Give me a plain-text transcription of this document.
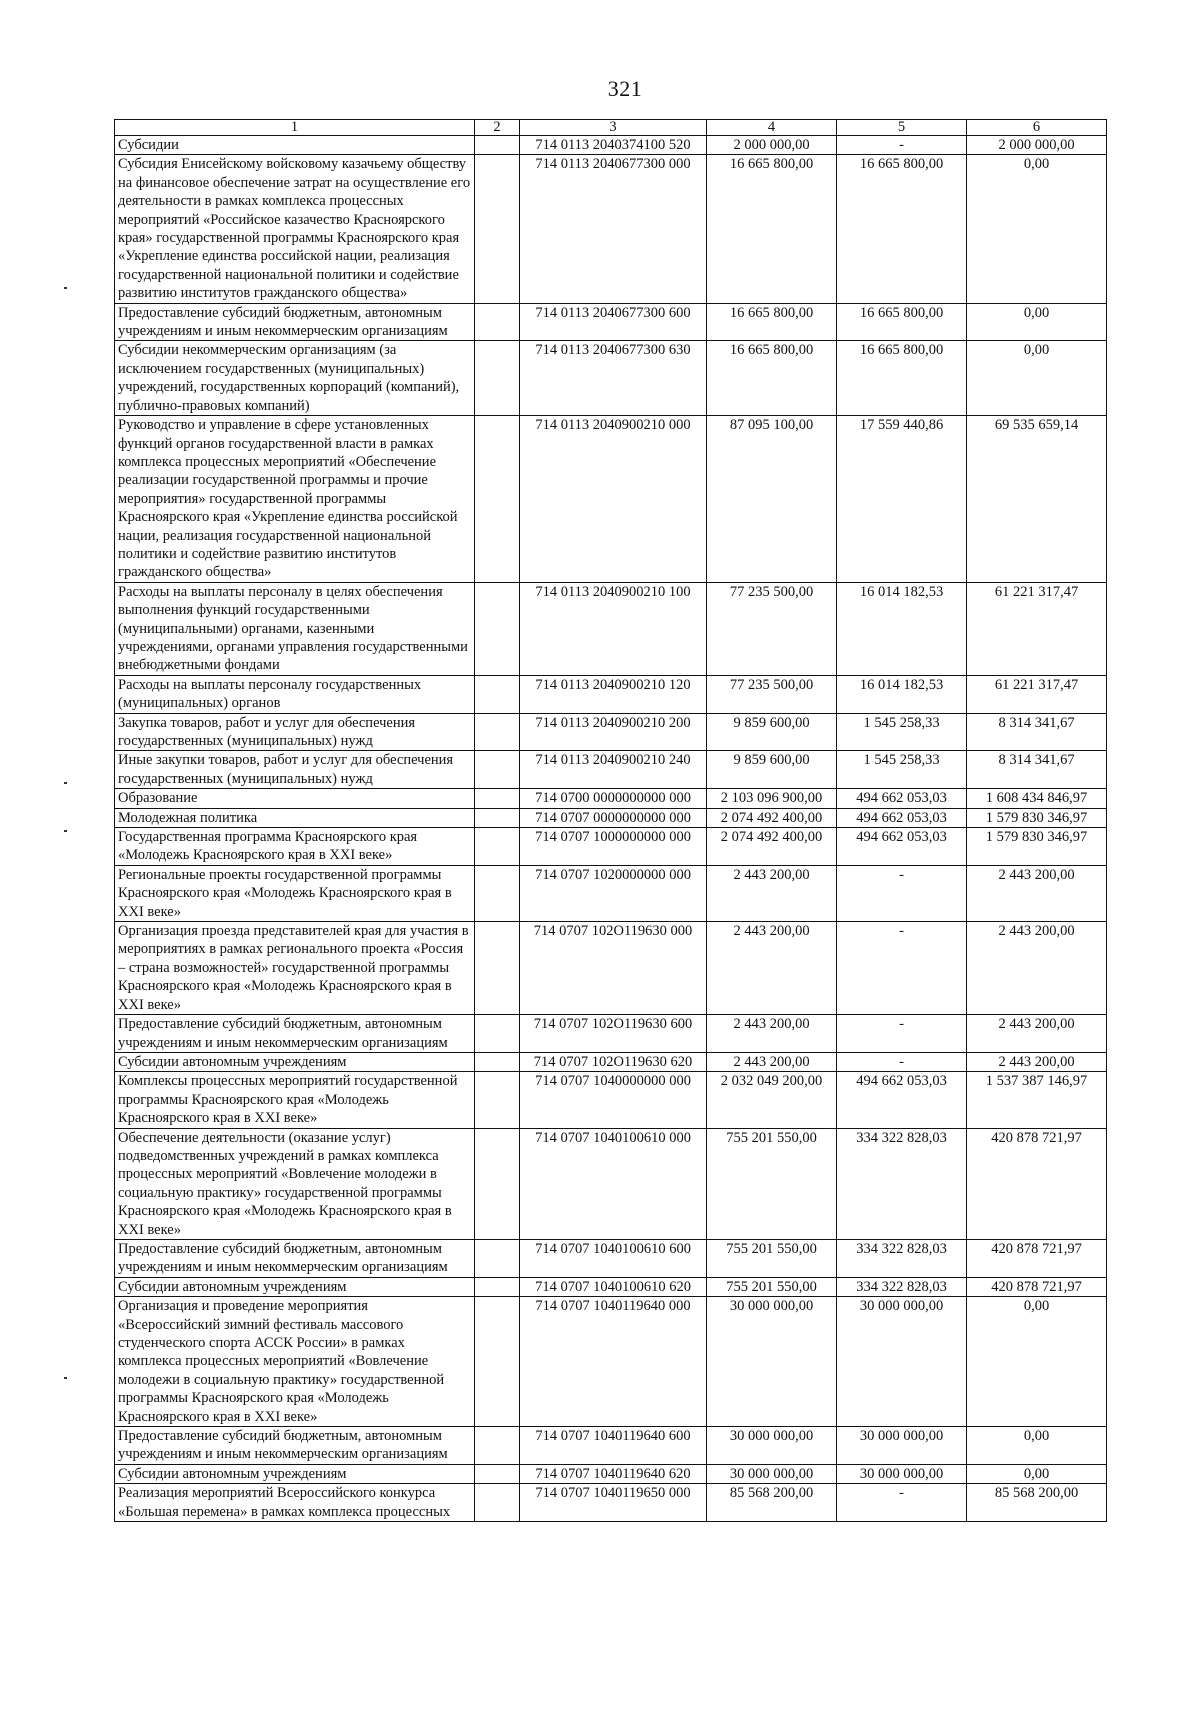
321
1	2	3	4	5	6
Субсидии		714 0113 2040374100 520	2 000 000,00	-	2 000 000,00
Субсидия Енисейскому войсковому казачьему обществу на финансовое обеспечение затрат на осуществление его деятельности в рамках комплекса процессных мероприятий «Российское казачество Красноярского края» государственной программы Красноярского края «Укрепление единства российской нации, реализация государственной национальной политики и содействие развитию институтов гражданского общества»		714 0113 2040677300 000	16 665 800,00	16 665 800,00	0,00
Предоставление субсидий бюджетным, автономным учреждениям и иным некоммерческим организациям		714 0113 2040677300 600	16 665 800,00	16 665 800,00	0,00
Субсидии некоммерческим организациям (за исключением государственных (муниципальных) учреждений, государственных корпораций (компаний), публично-правовых компаний)		714 0113 2040677300 630	16 665 800,00	16 665 800,00	0,00
Руководство и управление в сфере установленных функций органов государственной власти в рамках комплекса процессных мероприятий «Обеспечение реализации государственной программы и прочие мероприятия» государственной программы Красноярского края «Укрепление единства российской нации, реализация государственной национальной политики и содействие развитию институтов гражданского общества»		714 0113 2040900210 000	87 095 100,00	17 559 440,86	69 535 659,14
Расходы на выплаты персоналу в целях обеспечения выполнения функций государственными (муниципальными) органами, казенными учреждениями, органами управления государственными внебюджетными фондами		714 0113 2040900210 100	77 235 500,00	16 014 182,53	61 221 317,47
Расходы на выплаты персоналу государственных (муниципальных) органов		714 0113 2040900210 120	77 235 500,00	16 014 182,53	61 221 317,47
Закупка товаров, работ и услуг для обеспечения государственных (муниципальных) нужд		714 0113 2040900210 200	9 859 600,00	1 545 258,33	8 314 341,67
Иные закупки товаров, работ и услуг для обеспечения государственных (муниципальных) нужд		714 0113 2040900210 240	9 859 600,00	1 545 258,33	8 314 341,67
Образование		714 0700 0000000000 000	2 103 096 900,00	494 662 053,03	1 608 434 846,97
Молодежная политика		714 0707 0000000000 000	2 074 492 400,00	494 662 053,03	1 579 830 346,97
Государственная программа Красноярского края «Молодежь Красноярского края в XXI веке»		714 0707 1000000000 000	2 074 492 400,00	494 662 053,03	1 579 830 346,97
Региональные проекты государственной программы Красноярского края «Молодежь Красноярского края в XXI веке»		714 0707 1020000000 000	2 443 200,00	-	2 443 200,00
Организация проезда представителей края для участия в мероприятиях в рамках регионального проекта «Россия – страна возможностей» государственной программы Красноярского края «Молодежь Красноярского края в XXI веке»		714 0707 102О119630 000	2 443 200,00	-	2 443 200,00
Предоставление субсидий бюджетным, автономным учреждениям и иным некоммерческим организациям		714 0707 102О119630 600	2 443 200,00	-	2 443 200,00
Субсидии автономным учреждениям		714 0707 102О119630 620	2 443 200,00	-	2 443 200,00
Комплексы процессных мероприятий государственной программы Красноярского края «Молодежь Красноярского края в XXI веке»		714 0707 1040000000 000	2 032 049 200,00	494 662 053,03	1 537 387 146,97
Обеспечение деятельности (оказание услуг) подведомственных учреждений в рамках комплекса процессных мероприятий «Вовлечение молодежи в социальную практику» государственной программы Красноярского края «Молодежь Красноярского края в XXI веке»		714 0707 1040100610 000	755 201 550,00	334 322 828,03	420 878 721,97
Предоставление субсидий бюджетным, автономным учреждениям и иным некоммерческим организациям		714 0707 1040100610 600	755 201 550,00	334 322 828,03	420 878 721,97
Субсидии автономным учреждениям		714 0707 1040100610 620	755 201 550,00	334 322 828,03	420 878 721,97
Организация и проведение мероприятия «Всероссийский зимний фестиваль массового студенческого спорта АССК России» в рамках комплекса процессных мероприятий «Вовлечение молодежи в социальную практику» государственной программы Красноярского края «Молодежь Красноярского края в XXI веке»		714 0707 1040119640 000	30 000 000,00	30 000 000,00	0,00
Предоставление субсидий бюджетным, автономным учреждениям и иным некоммерческим организациям		714 0707 1040119640 600	30 000 000,00	30 000 000,00	0,00
Субсидии автономным учреждениям		714 0707 1040119640 620	30 000 000,00	30 000 000,00	0,00
Реализация мероприятий Всероссийского конкурса «Большая перемена» в рамках комплекса процессных		714 0707 1040119650 000	85 568 200,00	-	85 568 200,00
